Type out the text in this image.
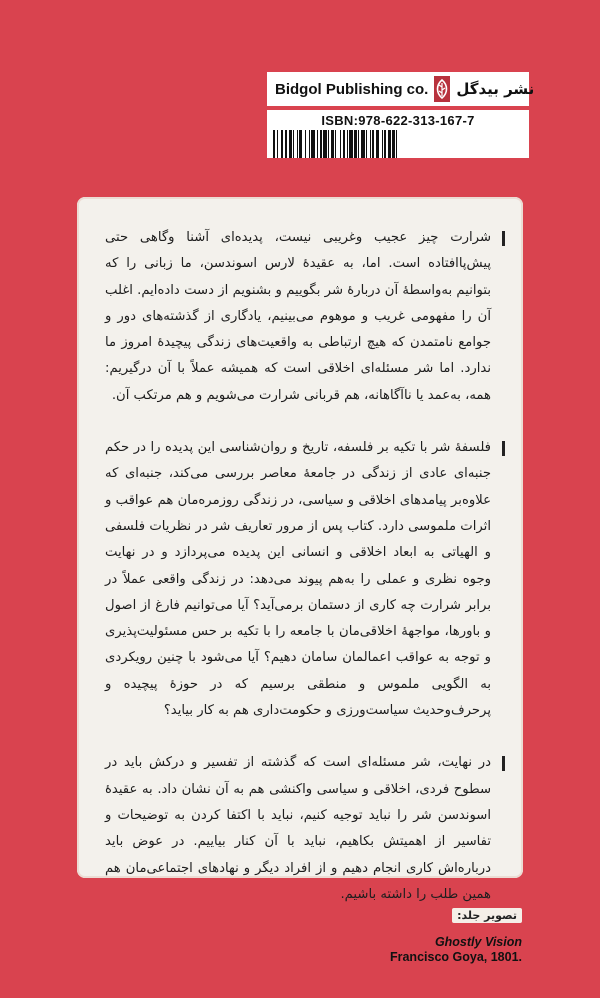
Bidgol Publishing co. نشر بیدگل
ISBN:978-622-313-167-7

شرارت چیز عجیب وغریبی نیست، پدیده‌ای آشنا وگاهی حتی پیش‌پاافتاده است. اما، به عقیدهٔ لارس اسوندسن، ما زبانی را که بتوانیم به‌واسطهٔ آن دربارهٔ شر بگوییم و بشنویم از دست داده‌ایم. اغلب آن را مفهومی غریب و موهوم می‌بینیم، یادگاری از گذشته‌های دور و جوامع نامتمدن که هیچ ارتباطی به واقعیت‌های زندگی پیچیدهٔ امروز ما ندارد. اما شر مسئله‌ای اخلاقی است که همیشه عملاً با آن درگیریم: همه، به‌عمد یا ناآگاهانه، هم قربانی شرارت می‌شویم و هم مرتکب آن.

فلسفهٔ شر با تکیه بر فلسفه، تاریخ و روان‌شناسی این پدیده را در حکم جنبه‌ای عادی از زندگی در جامعهٔ معاصر بررسی می‌کند، جنبه‌ای که علاوه‌بر پیامدهای اخلاقی و سیاسی، در زندگی روزمره‌مان هم عواقب و اثرات ملموسی دارد. کتاب پس از مرور تعاریف شر در نظریات فلسفی و الهیاتی به ابعاد اخلاقی و انسانی این پدیده می‌پردازد و در نهایت وجوه نظری و عملی را به‌هم پیوند می‌دهد: در زندگی واقعی عملاً در برابر شرارت چه کاری از دستمان برمی‌آید؟ آیا می‌توانیم فارغ از اصول و باورها، مواجههٔ اخلاقی‌مان با جامعه را با تکیه بر حس مسئولیت‌پذیری و توجه به عواقب اعمالمان سامان دهیم؟ آیا می‌شود با چنین رویکردی به الگویی ملموس و منطقی برسیم که در حوزهٔ پیچیده و پرحرف‌وحدیث سیاست‌ورزی و حکومت‌داری هم به کار بیاید؟

در نهایت، شر مسئله‌ای است که گذشته از تفسیر و درکش باید در سطوح فردی، اخلاقی و سیاسی واکنشی هم به آن نشان داد. به عقیدهٔ اسوندسن شر را نباید توجیه کنیم، نباید با اکتفا کردن به توضیحات و تفاسیر از اهمیتش بکاهیم، نباید با آن کنار بیاییم. در عوض باید درباره‌اش کاری انجام دهیم و از افراد دیگر و نهادهای اجتماعی‌مان هم همین طلب را داشته باشیم.

تصویر جلد:
Ghostly Vision
Francisco Goya, 1801.
